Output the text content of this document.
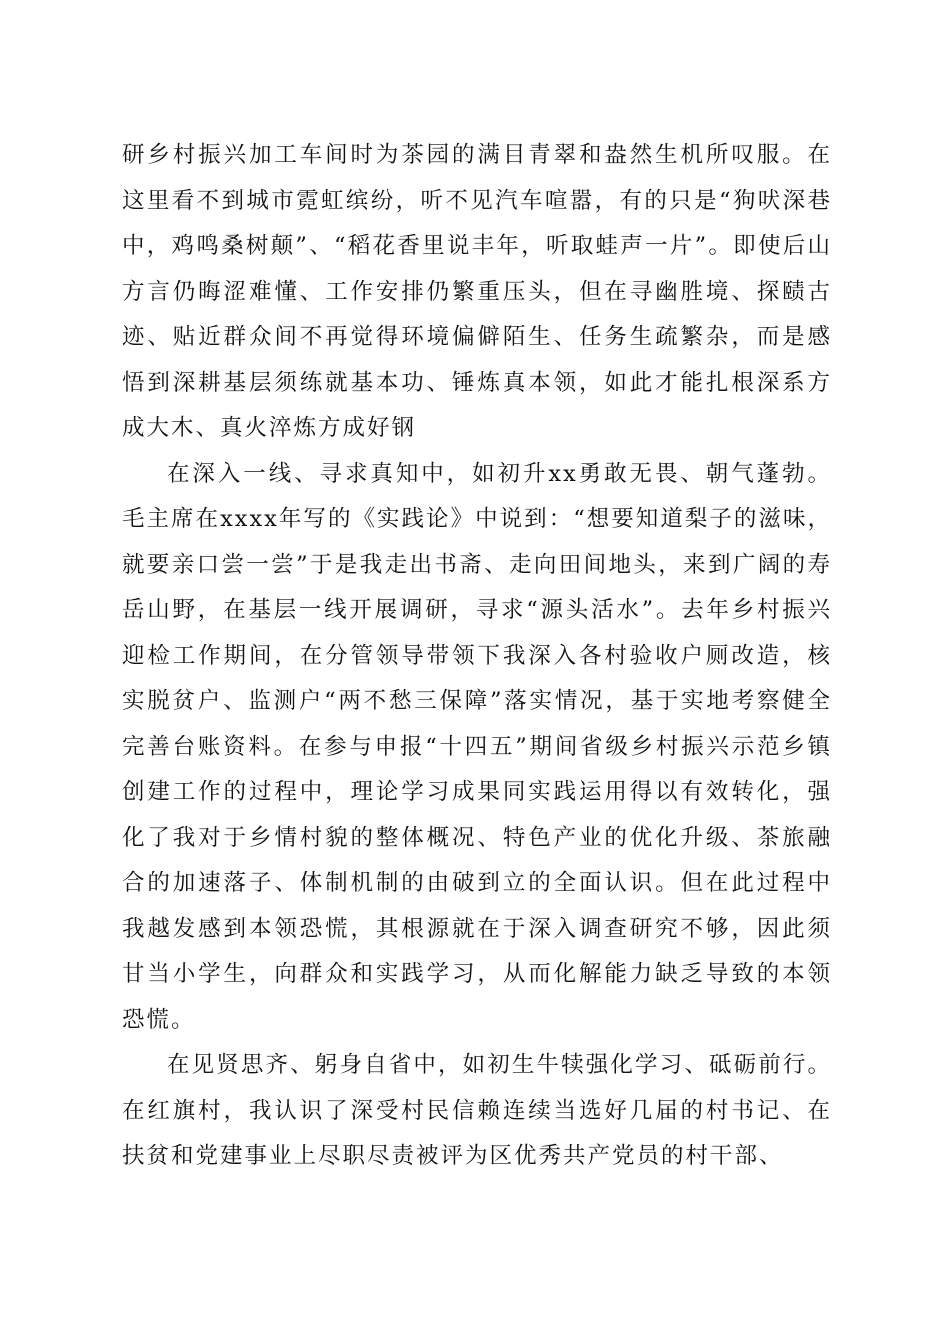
研乡村振兴加工车间时为茶园的满目青翠和盎然生机所叹服。在这里看不到城市霓虹缤纷，听不见汽车喧嚣，有的只是“狗吠深巷中，鸡鸣桑树颠”、“稻花香里说丰年，听取蛙声一片”。即使后山方言仍晦涩难懂、工作安排仍繁重压头，但在寻幽胜境、探赜古迹、贴近群众间不再觉得环境偏僻陌生、任务生疏繁杂，而是感悟到深耕基层须练就基本功、锤炼真本领，如此才能扎根深系方成大木、真火淬炼方成好钢

在深入一线、寻求真知中，如初升xx勇敢无畏、朝气蓬勃。毛主席在xxxx年写的《实践论》中说到：“想要知道梨子的滋味，就要亲口尝一尝”于是我走出书斋、走向田间地头，来到广阔的寿岳山野，在基层一线开展调研，寻求“源头活水”。去年乡村振兴迎检工作期间，在分管领导带领下我深入各村验收户厕改造，核实脱贫户、监测户“两不愁三保障”落实情况，基于实地考察健全完善台账资料。在参与申报“十四五”期间省级乡村振兴示范乡镇创建工作的过程中，理论学习成果同实践运用得以有效转化，强化了我对于乡情村貌的整体概况、特色产业的优化升级、茶旅融合的加速落子、体制机制的由破到立的全面认识。但在此过程中我越发感到本领恐慌，其根源就在于深入调查研究不够，因此须甘当小学生，向群众和实践学习，从而化解能力缺乏导致的本领恐慌。

在见贤思齐、躬身自省中，如初生牛犊强化学习、砥砺前行。在红旗村，我认识了深受村民信赖连续当选好几届的村书记、在扶贫和党建事业上尽职尽责被评为区优秀共产党员的村干部、
